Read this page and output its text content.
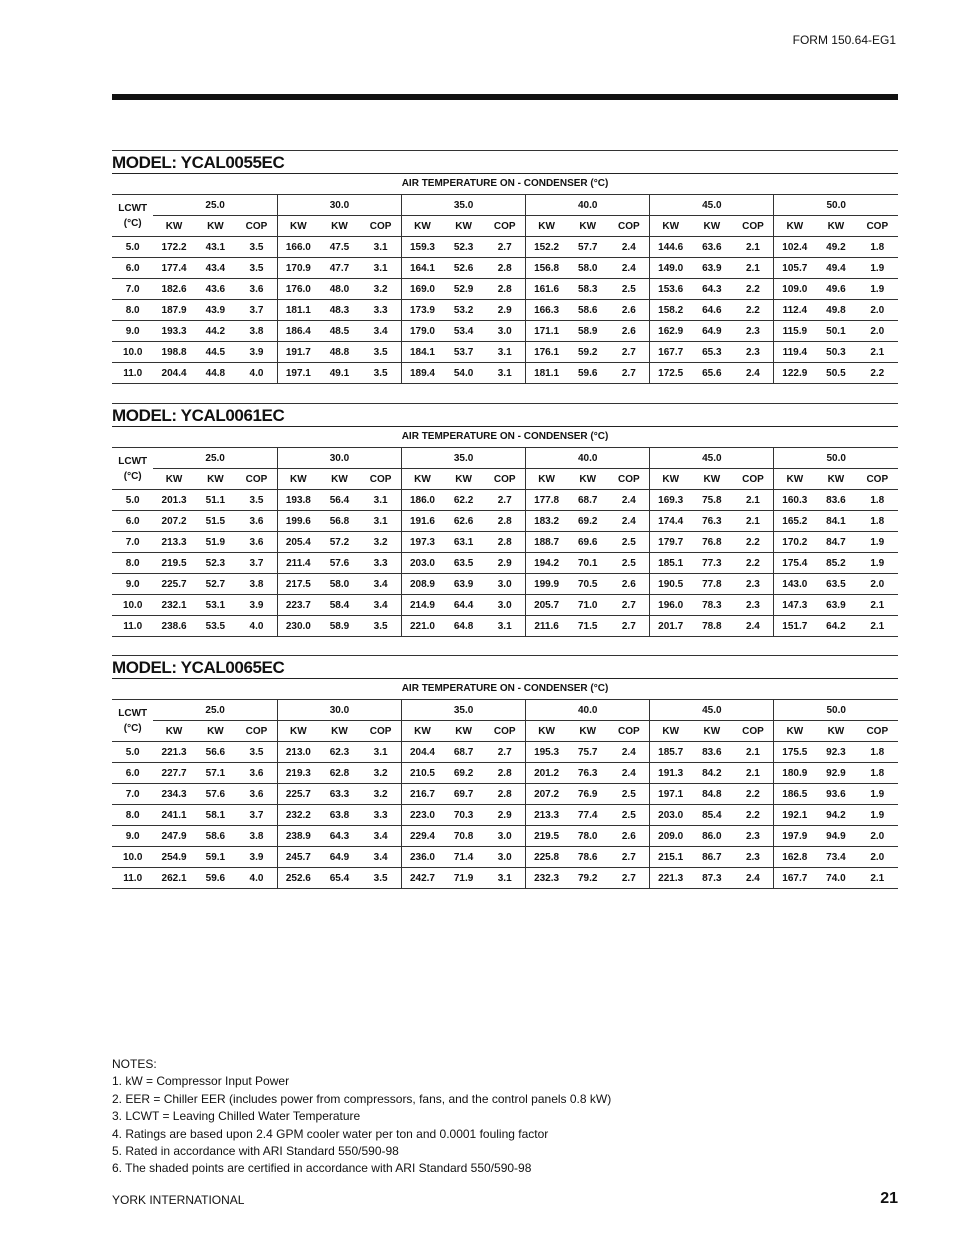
FORM 150.64-EG1
MODEL: YCAL0055EC
AIR TEMPERATURE ON - CONDENSER (°C)
LCWT
(°C)	25.0			30.0			35.0			40.0			45.0			50.0		
	KW	KW	COP	KW	KW	COP	KW	KW	COP	KW	KW	COP	KW	KW	COP	KW	KW	COP
5.0	172.2	43.1	3.5	166.0	47.5	3.1	159.3	52.3	2.7	152.2	57.7	2.4	144.6	63.6	2.1	102.4	49.2	1.8
6.0	177.4	43.4	3.5	170.9	47.7	3.1	164.1	52.6	2.8	156.8	58.0	2.4	149.0	63.9	2.1	105.7	49.4	1.9
7.0	182.6	43.6	3.6	176.0	48.0	3.2	169.0	52.9	2.8	161.6	58.3	2.5	153.6	64.3	2.2	109.0	49.6	1.9
8.0	187.9	43.9	3.7	181.1	48.3	3.3	173.9	53.2	2.9	166.3	58.6	2.6	158.2	64.6	2.2	112.4	49.8	2.0
9.0	193.3	44.2	3.8	186.4	48.5	3.4	179.0	53.4	3.0	171.1	58.9	2.6	162.9	64.9	2.3	115.9	50.1	2.0
10.0	198.8	44.5	3.9	191.7	48.8	3.5	184.1	53.7	3.1	176.1	59.2	2.7	167.7	65.3	2.3	119.4	50.3	2.1
11.0	204.4	44.8	4.0	197.1	49.1	3.5	189.4	54.0	3.1	181.1	59.6	2.7	172.5	65.6	2.4	122.9	50.5	2.2
MODEL: YCAL0061EC
AIR TEMPERATURE ON - CONDENSER (°C)
LCWT
(°C)	25.0			30.0			35.0			40.0			45.0			50.0		
	KW	KW	COP	KW	KW	COP	KW	KW	COP	KW	KW	COP	KW	KW	COP	KW	KW	COP
5.0	201.3	51.1	3.5	193.8	56.4	3.1	186.0	62.2	2.7	177.8	68.7	2.4	169.3	75.8	2.1	160.3	83.6	1.8
6.0	207.2	51.5	3.6	199.6	56.8	3.1	191.6	62.6	2.8	183.2	69.2	2.4	174.4	76.3	2.1	165.2	84.1	1.8
7.0	213.3	51.9	3.6	205.4	57.2	3.2	197.3	63.1	2.8	188.7	69.6	2.5	179.7	76.8	2.2	170.2	84.7	1.9
8.0	219.5	52.3	3.7	211.4	57.6	3.3	203.0	63.5	2.9	194.2	70.1	2.5	185.1	77.3	2.2	175.4	85.2	1.9
9.0	225.7	52.7	3.8	217.5	58.0	3.4	208.9	63.9	3.0	199.9	70.5	2.6	190.5	77.8	2.3	143.0	63.5	2.0
10.0	232.1	53.1	3.9	223.7	58.4	3.4	214.9	64.4	3.0	205.7	71.0	2.7	196.0	78.3	2.3	147.3	63.9	2.1
11.0	238.6	53.5	4.0	230.0	58.9	3.5	221.0	64.8	3.1	211.6	71.5	2.7	201.7	78.8	2.4	151.7	64.2	2.1
MODEL: YCAL0065EC
AIR TEMPERATURE ON - CONDENSER (°C)
LCWT
(°C)	25.0			30.0			35.0			40.0			45.0			50.0		
	KW	KW	COP	KW	KW	COP	KW	KW	COP	KW	KW	COP	KW	KW	COP	KW	KW	COP
5.0	221.3	56.6	3.5	213.0	62.3	3.1	204.4	68.7	2.7	195.3	75.7	2.4	185.7	83.6	2.1	175.5	92.3	1.8
6.0	227.7	57.1	3.6	219.3	62.8	3.2	210.5	69.2	2.8	201.2	76.3	2.4	191.3	84.2	2.1	180.9	92.9	1.8
7.0	234.3	57.6	3.6	225.7	63.3	3.2	216.7	69.7	2.8	207.2	76.9	2.5	197.1	84.8	2.2	186.5	93.6	1.9
8.0	241.1	58.1	3.7	232.2	63.8	3.3	223.0	70.3	2.9	213.3	77.4	2.5	203.0	85.4	2.2	192.1	94.2	1.9
9.0	247.9	58.6	3.8	238.9	64.3	3.4	229.4	70.8	3.0	219.5	78.0	2.6	209.0	86.0	2.3	197.9	94.9	2.0
10.0	254.9	59.1	3.9	245.7	64.9	3.4	236.0	71.4	3.0	225.8	78.6	2.7	215.1	86.7	2.3	162.8	73.4	2.0
11.0	262.1	59.6	4.0	252.6	65.4	3.5	242.7	71.9	3.1	232.3	79.2	2.7	221.3	87.3	2.4	167.7	74.0	2.1
NOTES:
1. kW = Compressor Input Power
2. EER = Chiller EER (includes power from compressors, fans, and the control panels 0.8 kW)
3. LCWT = Leaving Chilled Water Temperature
4. Ratings are based upon 2.4 GPM cooler water per ton and 0.0001 fouling factor
5. Rated in accordance with ARI Standard 550/590-98
6. The shaded points are certified in accordance with ARI Standard 550/590-98
YORK INTERNATIONAL	21
